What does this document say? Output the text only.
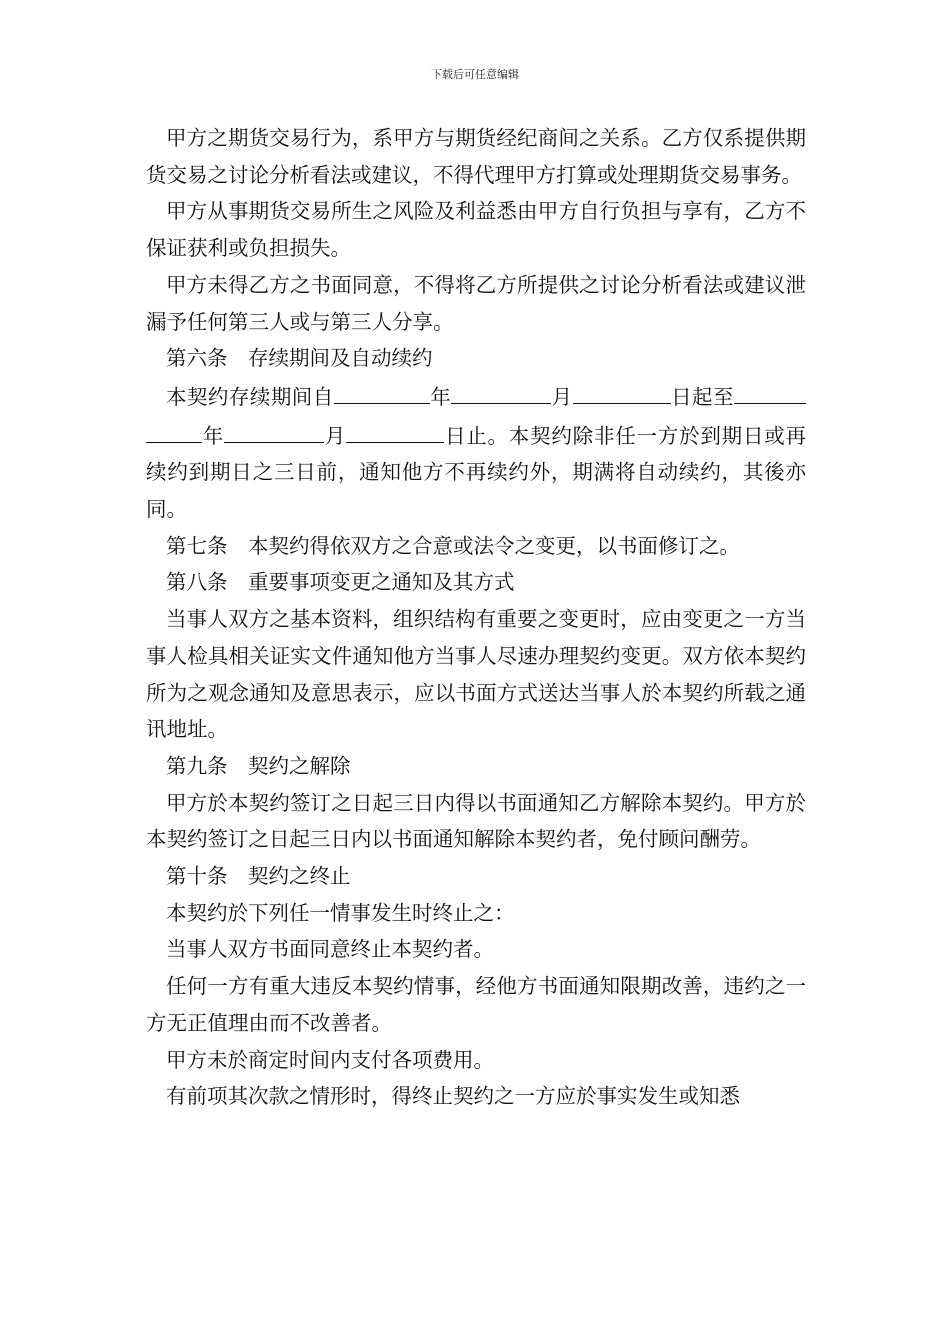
下载后可任意编辑

甲方之期货交易行为，系甲方与期货经纪商间之关系。乙方仅系提供期货交易之讨论分析看法或建议，不得代理甲方打算或处理期货交易事务。

甲方从事期货交易所生之风险及利益悉由甲方自行负担与享有，乙方不保证获利或负担损失。

甲方未得乙方之书面同意，不得将乙方所提供之讨论分析看法或建议泄漏予任何第三人或与第三人分享。

第六条　存续期间及自动续约

本契约存续期间自	年	月	日起至年	月	日止。本契约除非任一方於到期日或再续约到期日之三日前，通知他方不再续约外，期满将自动续约，其後亦同。

第七条　本契约得依双方之合意或法令之变更，以书面修订之。

第八条　重要事项变更之通知及其方式

当事人双方之基本资料，组织结构有重要之变更时，应由变更之一方当事人检具相关证实文件通知他方当事人尽速办理契约变更。双方依本契约所为之观念通知及意思表示，应以书面方式送达当事人於本契约所载之通讯地址。

第九条　契约之解除

甲方於本契约签订之日起三日内得以书面通知乙方解除本契约。甲方於本契约签订之日起三日内以书面通知解除本契约者，免付顾问酬劳。

第十条　契约之终止

本契约於下列任一情事发生时终止之：

当事人双方书面同意终止本契约者。

任何一方有重大违反本契约情事，经他方书面通知限期改善，违约之一方无正值理由而不改善者。

甲方未於商定时间内支付各项费用。

有前项其次款之情形时，得终止契约之一方应於事实发生或知悉
